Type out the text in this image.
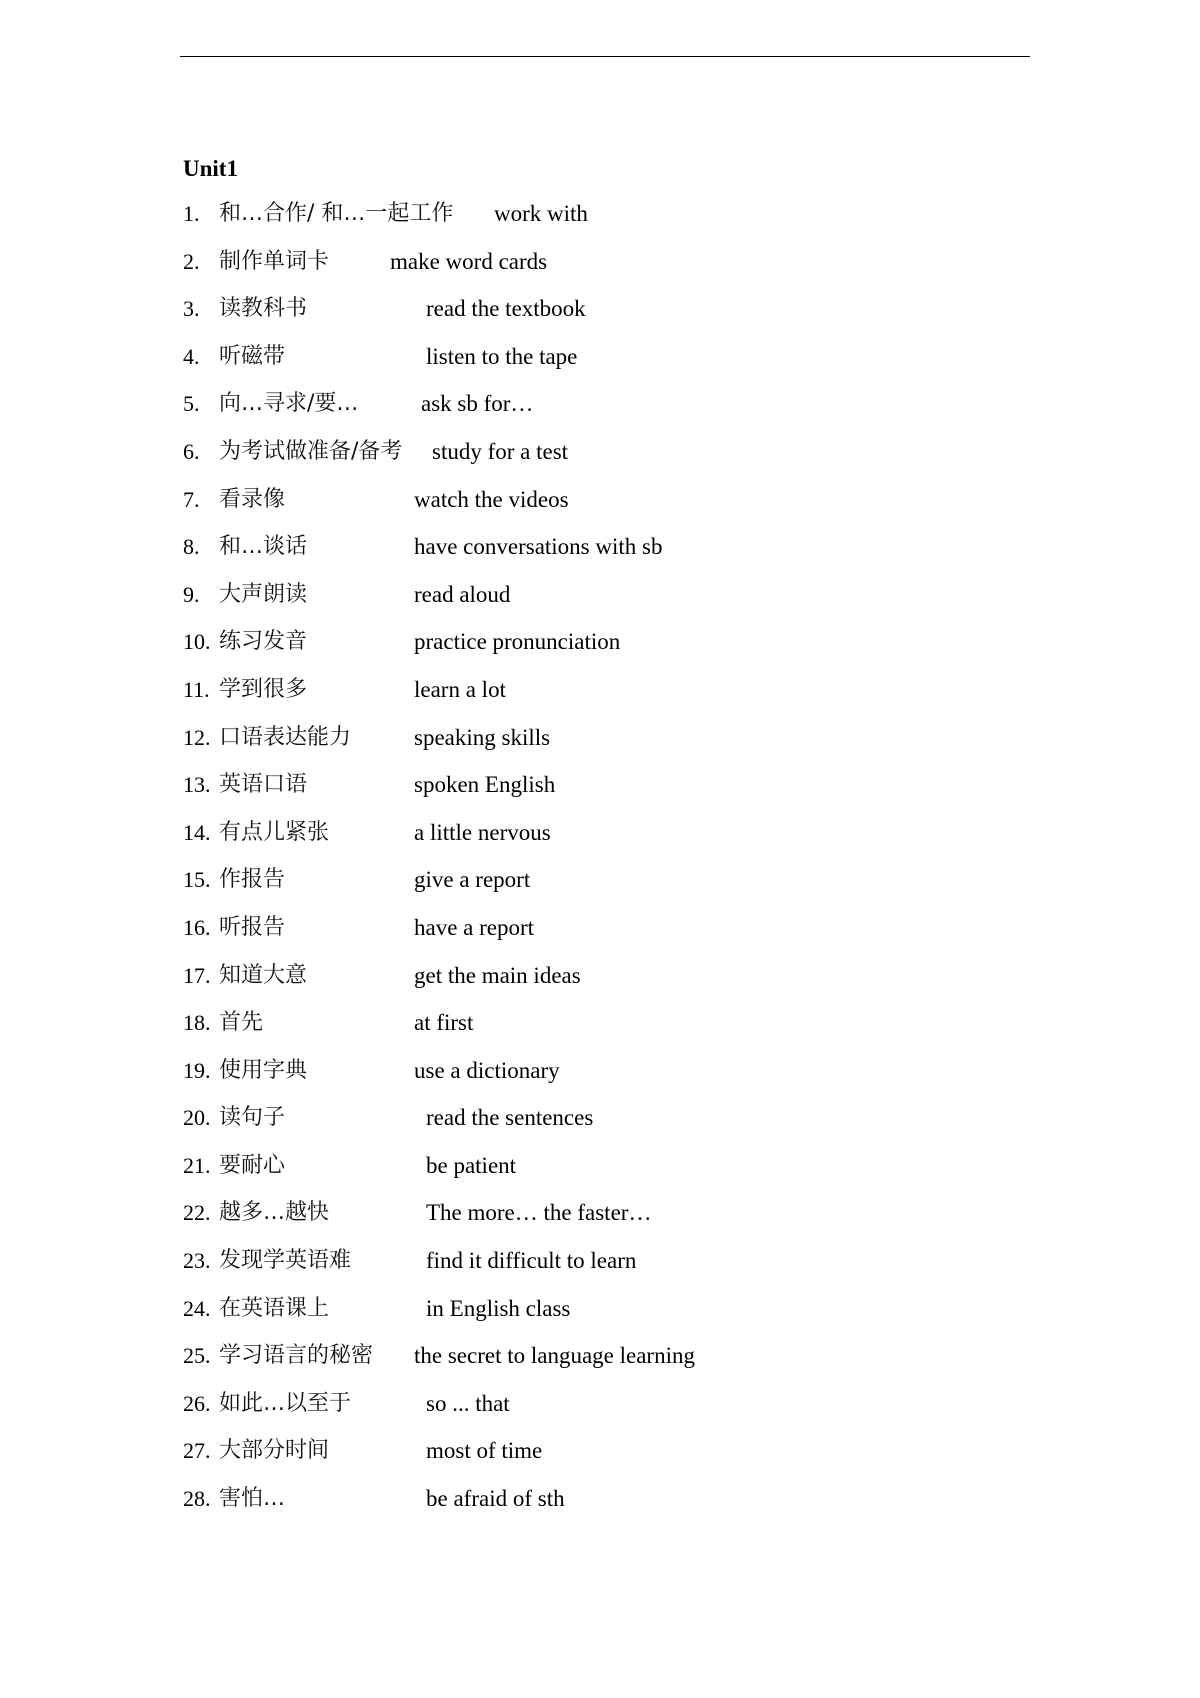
Unit1
1. 和…合作/ 和…一起工作 work with
2. 制作单词卡	make word cards
3. 读教科书	read the textbook
4. 听磁带	listen to the tape
5. 向…寻求/要…	ask sb for…
6. 为考试做准备/备考 study for a test
7. 看录像	watch the videos
8. 和…谈话	have conversations with sb
9. 大声朗读	read aloud
10. 练习发音	practice pronunciation
11. 学到很多	learn a lot
12. 口语表达能力	speaking skills
13. 英语口语	spoken English
14. 有点儿紧张	a little nervous
15. 作报告	give a report
16. 听报告	have a report
17. 知道大意	get the main ideas
18. 首先	at first
19. 使用字典	use a dictionary
20. 读句子	read the sentences
21. 要耐心	be patient
22. 越多…越快	The more… the faster…
23. 发现学英语难	find it difficult to learn
24. 在英语课上	in English class
25. 学习语言的秘密 the secret to language learning
26. 如此…以至于	so ... that
27. 大部分时间	most of time
28. 害怕…	be afraid of sth
